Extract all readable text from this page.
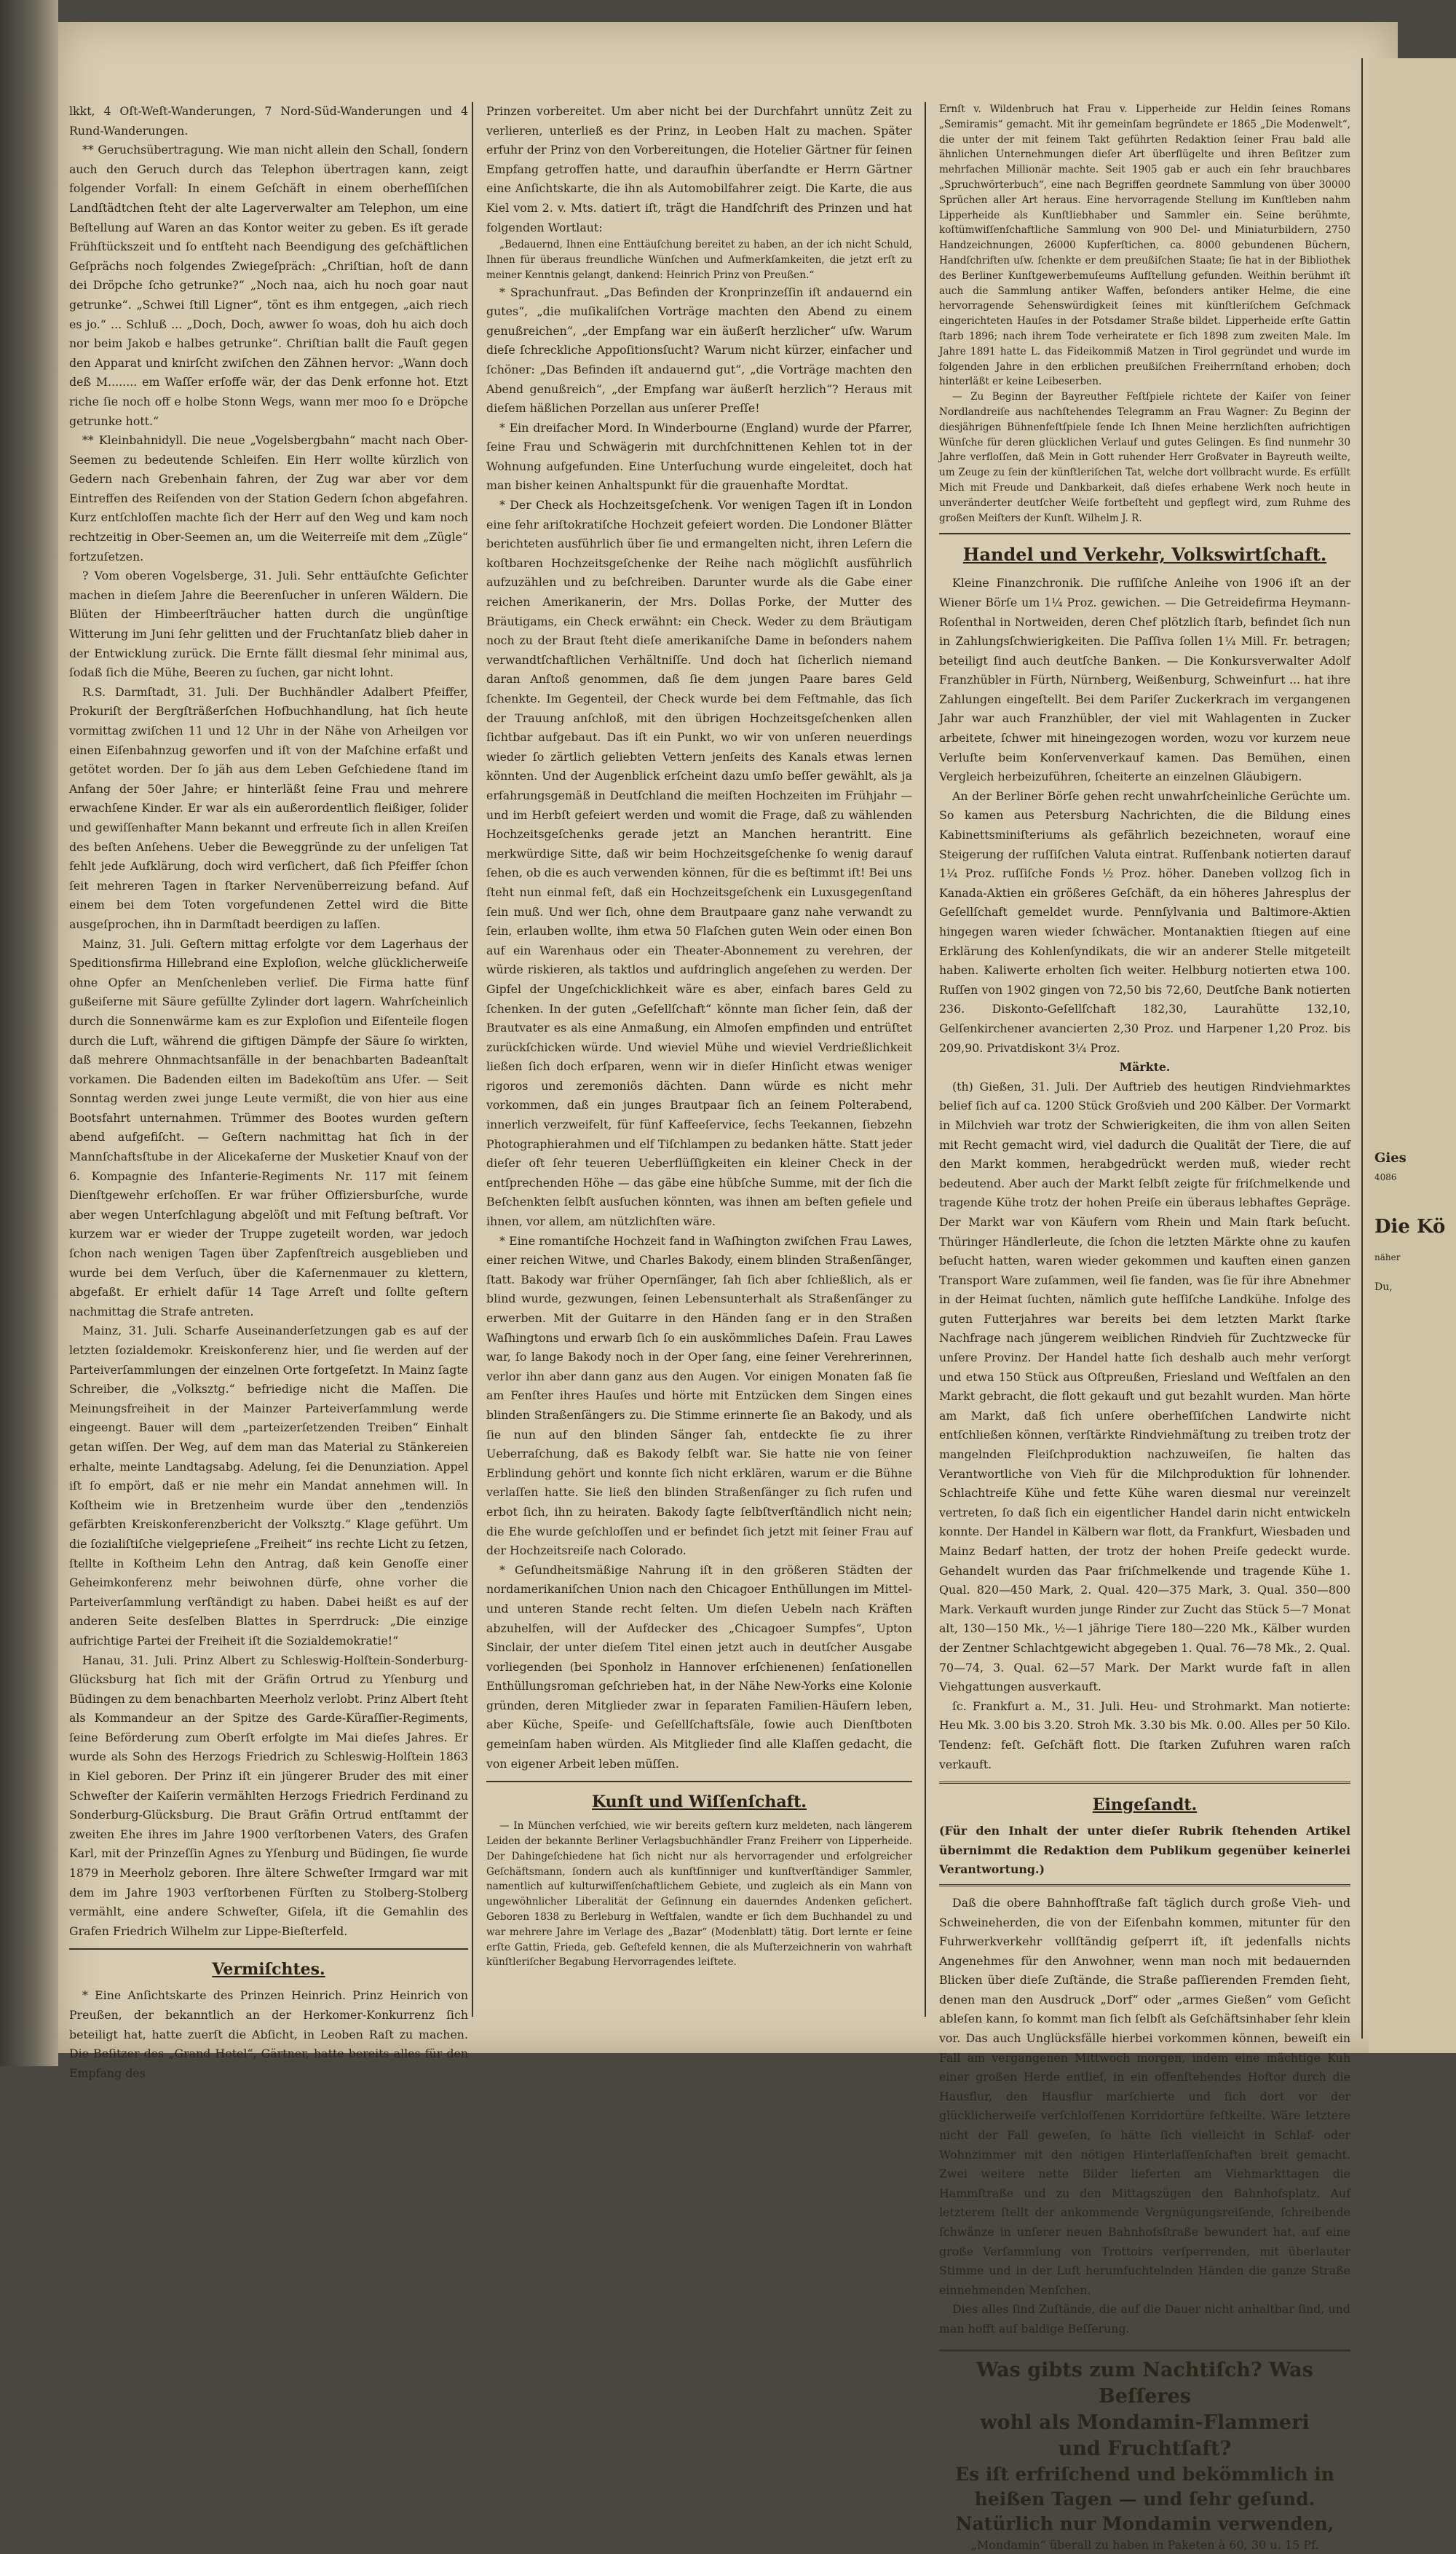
lkkt, 4 Oſt-Weſt-Wanderungen, 7 Nord-Süd-Wanderungen und 4 Rund-Wanderungen.

** Geruchsübertragung. Wie man nicht allein den Schall, ſondern auch den Geruch durch das Telephon übertragen kann, zeigt folgender Vorfall: In einem Geſchäft in einem oberheſſiſchen Landſtädtchen ſteht der alte Lagerverwalter am Telephon, um eine Beſtellung auf Waren an das Kontor weiter zu geben. Es iſt gerade Frühſtückszeit und ſo entſteht nach Beendigung des geſchäftlichen Geſprächs noch folgendes Zwiegeſpräch: „Chriſtian, hoſt de dann dei Dröpche ſcho getrunke?“ „Noch naa, aich hu noch goar naut getrunke“. „Schwei ſtill Ligner“, tönt es ihm entgegen, „aich riech es jo.“ ... Schluß ... „Doch, Doch, awwer ſo woas, doh hu aich doch nor beim Jakob e halbes getrunke“. Chriſtian ballt die Fauſt gegen den Apparat und knirſcht zwiſchen den Zähnen hervor: „Wann doch deß M........ em Waſſer erſoffe wär, der das Denk erfonne hot. Etzt riche ſie noch off e holbe Stonn Wegs, wann mer moo ſo e Dröpche getrunke hott.“

** Kleinbahnidyll. Die neue „Vogelsbergbahn“ macht nach Ober-Seemen zu bedeutende Schleifen. Ein Herr wollte kürzlich von Gedern nach Grebenhain fahren, der Zug war aber vor dem Eintreffen des Reiſenden von der Station Gedern ſchon abgefahren. Kurz entſchloſſen machte ſich der Herr auf den Weg und kam noch rechtzeitig in Ober-Seemen an, um die Weiterreiſe mit dem „Zügle“ fortzuſetzen.

? Vom oberen Vogelsberge, 31. Juli. Sehr enttäuſchte Geſichter machen in dieſem Jahre die Beerenſucher in unſeren Wäldern. Die Blüten der Himbeerſträucher hatten durch die ungünſtige Witterung im Juni ſehr gelitten und der Fruchtanſatz blieb daher in der Entwicklung zurück. Die Ernte fällt diesmal ſehr minimal aus, ſodaß ſich die Mühe, Beeren zu ſuchen, gar nicht lohnt.

R.S. Darmſtadt, 31. Juli. Der Buchhändler Adalbert Pfeiffer, Prokuriſt der Bergſträßerſchen Hofbuchhandlung, hat ſich heute vormittag zwiſchen 11 und 12 Uhr in der Nähe von Arheilgen vor einen Eiſenbahnzug geworfen und iſt von der Maſchine erfaßt und getötet worden. Der ſo jäh aus dem Leben Geſchiedene ſtand im Anfang der 50er Jahre; er hinterläßt ſeine Frau und mehrere erwachſene Kinder. Er war als ein außerordentlich fleißiger, ſolider und gewiſſenhafter Mann bekannt und erfreute ſich in allen Kreiſen des beſten Anſehens. Ueber die Beweggründe zu der unſeligen Tat fehlt jede Aufklärung, doch wird verſichert, daß ſich Pfeiffer ſchon ſeit mehreren Tagen in ſtarker Nervenüberreizung befand. Auf einem bei dem Toten vorgefundenen Zettel wird die Bitte ausgeſprochen, ihn in Darmſtadt beerdigen zu laſſen.

Mainz, 31. Juli. Geſtern mittag erfolgte vor dem Lagerhaus der Speditionsfirma Hillebrand eine Exploſion, welche glücklicherweiſe ohne Opfer an Menſchenleben verlief. Die Firma hatte fünf gußeiſerne mit Säure gefüllte Zylinder dort lagern. Wahrſcheinlich durch die Sonnenwärme kam es zur Exploſion und Eiſenteile flogen durch die Luft, während die giftigen Dämpfe der Säure ſo wirkten, daß mehrere Ohnmachtsanfälle in der benachbarten Badeanſtalt vorkamen. Die Badenden eilten im Badekoſtüm ans Ufer. — Seit Sonntag werden zwei junge Leute vermißt, die von hier aus eine Bootsfahrt unternahmen. Trümmer des Bootes wurden geſtern abend aufgefiſcht. — Geſtern nachmittag hat ſich in der Mannſchaftsſtube in der Alicekaſerne der Musketier Knauf von der 6. Kompagnie des Infanterie-Regiments Nr. 117 mit ſeinem Dienſtgewehr erſchoſſen. Er war früher Offiziersburſche, wurde aber wegen Unterſchlagung abgelöſt und mit Feſtung beſtraft. Vor kurzem war er wieder der Truppe zugeteilt worden, war jedoch ſchon nach wenigen Tagen über Zapfenſtreich ausgeblieben und wurde bei dem Verſuch, über die Kaſernenmauer zu klettern, abgefaßt. Er erhielt dafür 14 Tage Arreſt und ſollte geſtern nachmittag die Strafe antreten.

Mainz, 31. Juli. Scharfe Auseinanderſetzungen gab es auf der letzten ſozialdemokr. Kreiskonferenz hier, und ſie werden auf der Parteiverſammlungen der einzelnen Orte fortgeſetzt. In Mainz ſagte Schreiber, die „Volksztg.“ befriedige nicht die Maſſen. Die Meinungsfreiheit in der Mainzer Parteiverſammlung werde eingeengt. Bauer will dem „parteizerſetzenden Treiben“ Einhalt getan wiſſen. Der Weg, auf dem man das Material zu Stänkereien erhalte, meinte Landtagsabg. Adelung, ſei die Denunziation. Appel iſt ſo empört, daß er nie mehr ein Mandat annehmen will. In Koſtheim wie in Bretzenheim wurde über den „tendenziös gefärbten Kreiskonferenzbericht der Volksztg.“ Klage geführt. Um die ſozialiſtiſche vielgeprieſene „Freiheit“ ins rechte Licht zu ſetzen, ſtellte in Koſtheim Lehn den Antrag, daß kein Genoſſe einer Geheimkonferenz mehr beiwohnen dürfe, ohne vorher die Parteiverſammlung verſtändigt zu haben. Dabei heißt es auf der anderen Seite desſelben Blattes in Sperrdruck: „Die einzige aufrichtige Partei der Freiheit iſt die Sozialdemokratie!“

Hanau, 31. Juli. Prinz Albert zu Schleswig-Holſtein-Sonderburg-Glücksburg hat ſich mit der Gräfin Ortrud zu Yſenburg und Büdingen zu dem benachbarten Meerholz verlobt. Prinz Albert ſteht als Kommandeur an der Spitze des Garde-Küraſſier-Regiments, ſeine Beförderung zum Oberſt erfolgte im Mai dieſes Jahres. Er wurde als Sohn des Herzogs Friedrich zu Schleswig-Holſtein 1863 in Kiel geboren. Der Prinz iſt ein jüngerer Bruder des mit einer Schweſter der Kaiſerin vermählten Herzogs Friedrich Ferdinand zu Sonderburg-Glücksburg. Die Braut Gräfin Ortrud entſtammt der zweiten Ehe ihres im Jahre 1900 verſtorbenen Vaters, des Grafen Karl, mit der Prinzeſſin Agnes zu Yſenburg und Büdingen, ſie wurde 1879 in Meerholz geboren. Ihre ältere Schweſter Irmgard war mit dem im Jahre 1903 verſtorbenen Fürſten zu Stolberg-Stolberg vermählt, eine andere Schweſter, Giſela, iſt die Gemahlin des Grafen Friedrich Wilhelm zur Lippe-Bieſterfeld.

Vermiſchtes.

* Eine Anſichtskarte des Prinzen Heinrich. Prinz Heinrich von Preußen, der bekanntlich an der Herkomer-Konkurrenz ſich beteiligt hat, hatte zuerſt die Abſicht, in Leoben Raſt zu machen. Die Beſitzer des „Grand Hotel“, Gärtner, hatte bereits alles für den Empfang des

Prinzen vorbereitet. Um aber nicht bei der Durchfahrt unnütz Zeit zu verlieren, unterließ es der Prinz, in Leoben Halt zu machen. Später erfuhr der Prinz von den Vorbereitungen, die Hotelier Gärtner für ſeinen Empfang getroffen hatte, und daraufhin überſandte er Herrn Gärtner eine Anſichtskarte, die ihn als Automobilfahrer zeigt. Die Karte, die aus Kiel vom 2. v. Mts. datiert iſt, trägt die Handſchrift des Prinzen und hat folgenden Wortlaut:

„Bedauernd, Ihnen eine Enttäuſchung bereitet zu haben, an der ich nicht Schuld, Ihnen für überaus freundliche Wünſchen und Aufmerkſamkeiten, die jetzt erſt zu meiner Kenntnis gelangt, dankend: Heinrich Prinz von Preußen.“

* Sprachunfraut. „Das Befinden der Kronprinzeſſin iſt andauernd ein gutes“, „die muſikaliſchen Vorträge machten den Abend zu einem genußreichen“, „der Empfang war ein äußerſt herzlicher“ uſw. Warum dieſe ſchreckliche Appoſitionsſucht? Warum nicht kürzer, einfacher und ſchöner: „Das Befinden iſt andauernd gut“, „die Vorträge machten den Abend genußreich“, „der Empfang war äußerſt herzlich“? Heraus mit dieſem häßlichen Porzellan aus unſerer Preſſe!

* Ein dreifacher Mord. In Winderbourne (England) wurde der Pfarrer, ſeine Frau und Schwägerin mit durchſchnittenen Kehlen tot in der Wohnung aufgefunden. Eine Unterſuchung wurde eingeleitet, doch hat man bisher keinen Anhaltspunkt für die grauenhafte Mordtat.

* Der Check als Hochzeitsgeſchenk. Vor wenigen Tagen iſt in London eine ſehr ariſtokratiſche Hochzeit gefeiert worden. Die Londoner Blätter berichteten ausführlich über ſie und ermangelten nicht, ihren Leſern die koſtbaren Hochzeitsgeſchenke der Reihe nach möglichſt ausführlich aufzuzählen und zu beſchreiben. Darunter wurde als die Gabe einer reichen Amerikanerin, der Mrs. Dollas Porke, der Mutter des Bräutigams, ein Check erwähnt: ein Check. Weder zu dem Bräutigam noch zu der Braut ſteht dieſe amerikaniſche Dame in beſonders nahem verwandtſchaftlichen Verhältniſſe. Und doch hat ſicherlich niemand daran Anſtoß genommen, daß ſie dem jungen Paare bares Geld ſchenkte. Im Gegenteil, der Check wurde bei dem Feſtmahle, das ſich der Trauung anſchloß, mit den übrigen Hochzeitsgeſchenken allen ſichtbar aufgebaut. Das iſt ein Punkt, wo wir von unſeren neuerdings wieder ſo zärtlich geliebten Vettern jenſeits des Kanals etwas lernen könnten. Und der Augenblick erſcheint dazu umſo beſſer gewählt, als ja erfahrungsgemäß in Deutſchland die meiſten Hochzeiten im Frühjahr — und im Herbſt gefeiert werden und womit die Frage, daß zu wählenden Hochzeitsgeſchenks gerade jetzt an Manchen herantritt. Eine merkwürdige Sitte, daß wir beim Hochzeitsgeſchenke ſo wenig darauf ſehen, ob die es auch verwenden können, für die es beſtimmt iſt! Bei uns ſteht nun einmal feſt, daß ein Hochzeitsgeſchenk ein Luxusgegenſtand ſein muß. Und wer ſich, ohne dem Brautpaare ganz nahe verwandt zu ſein, erlauben wollte, ihm etwa 50 Flaſchen guten Wein oder einen Bon auf ein Warenhaus oder ein Theater-Abonnement zu verehren, der würde riskieren, als taktlos und aufdringlich angeſehen zu werden. Der Gipfel der Ungeſchicklichkeit wäre es aber, einfach bares Geld zu ſchenken. In der guten „Geſellſchaft“ könnte man ſicher ſein, daß der Brautvater es als eine Anmaßung, ein Almoſen empfinden und entrüſtet zurückſchicken würde. Und wieviel Mühe und wieviel Verdrießlichkeit ließen ſich doch erſparen, wenn wir in dieſer Hinſicht etwas weniger rigoros und zeremoniös dächten. Dann würde es nicht mehr vorkommen, daß ein junges Brautpaar ſich an ſeinem Polterabend, innerlich verzweifelt, für fünf Kaffeeſervice, ſechs Teekannen, ſiebzehn Photographierahmen und elf Tiſchlampen zu bedanken hätte. Statt jeder dieſer oft ſehr teueren Ueberflüſſigkeiten ein kleiner Check in der entſprechenden Höhe — das gäbe eine hübſche Summe, mit der ſich die Beſchenkten ſelbſt ausſuchen könnten, was ihnen am beſten gefiele und ihnen, vor allem, am nützlichſten wäre.

* Eine romantiſche Hochzeit fand in Waſhington zwiſchen Frau Lawes, einer reichen Witwe, und Charles Bakody, einem blinden Straßenſänger, ſtatt. Bakody war früher Opernſänger, ſah ſich aber ſchließlich, als er blind wurde, gezwungen, ſeinen Lebensunterhalt als Straßenſänger zu erwerben. Mit der Guitarre in den Händen ſang er in den Straßen Waſhingtons und erwarb ſich ſo ein auskömmliches Daſein. Frau Lawes war, ſo lange Bakody noch in der Oper ſang, eine ſeiner Verehrerinnen, verlor ihn aber dann ganz aus den Augen. Vor einigen Monaten ſaß ſie am Fenſter ihres Hauſes und hörte mit Entzücken dem Singen eines blinden Straßenſängers zu. Die Stimme erinnerte ſie an Bakody, und als ſie nun auf den blinden Sänger ſah, entdeckte ſie zu ihrer Ueberraſchung, daß es Bakody ſelbſt war. Sie hatte nie von ſeiner Erblindung gehört und konnte ſich nicht erklären, warum er die Bühne verlaſſen hatte. Sie ließ den blinden Straßenſänger zu ſich rufen und erbot ſich, ihn zu heiraten. Bakody ſagte ſelbſtverſtändlich nicht nein; die Ehe wurde geſchloſſen und er befindet ſich jetzt mit ſeiner Frau auf der Hochzeitsreiſe nach Colorado.

* Geſundheitsmäßige Nahrung iſt in den größeren Städten der nordamerikaniſchen Union nach den Chicagoer Enthüllungen im Mittel- und unteren Stande recht ſelten. Um dieſen Uebeln nach Kräften abzuhelfen, will der Aufdecker des „Chicagoer Sumpfes“, Upton Sinclair, der unter dieſem Titel einen jetzt auch in deutſcher Ausgabe vorliegenden (bei Sponholz in Hannover erſchienenen) ſenſationellen Enthüllungsroman geſchrieben hat, in der Nähe New-Yorks eine Kolonie gründen, deren Mitglieder zwar in ſeparaten Familien-Häuſern leben, aber Küche, Speiſe- und Geſellſchaftsſäle, ſowie auch Dienſtboten gemeinſam haben würden. Als Mitglieder ſind alle Klaſſen gedacht, die von eigener Arbeit leben müſſen.

Kunſt und Wiſſenſchaft.

— In München verſchied, wie wir bereits geſtern kurz meldeten, nach längerem Leiden der bekannte Berliner Verlagsbuchhändler Franz Freiherr von Lipperheide. Der Dahingeſchiedene hat ſich nicht nur als hervorragender und erfolgreicher Geſchäftsmann, ſondern auch als kunſtſinniger und kunſtverſtändiger Sammler, namentlich auf kulturwiſſenſchaftlichem Gebiete, und zugleich als ein Mann von ungewöhnlicher Liberalität der Geſinnung ein dauerndes Andenken geſichert. Geboren 1838 zu Berleburg in Weſtfalen, wandte er ſich dem Buchhandel zu und war mehrere Jahre im Verlage des „Bazar“ (Modenblatt) tätig. Dort lernte er ſeine erſte Gattin, Frieda, geb. Geſtefeld kennen, die als Muſterzeichnerin von wahrhaft künſtleriſcher Begabung Hervorragendes leiſtete.

Ernſt v. Wildenbruch hat Frau v. Lipperheide zur Heldin ſeines Romans „Semiramis“ gemacht. Mit ihr gemeinſam begründete er 1865 „Die Modenwelt“, die unter der mit feinem Takt geführten Redaktion ſeiner Frau bald alle ähnlichen Unternehmungen dieſer Art überflügelte und ihren Beſitzer zum mehrfachen Millionär machte. Seit 1905 gab er auch ein ſehr brauchbares „Spruchwörterbuch“, eine nach Begriffen geordnete Sammlung von über 30000 Sprüchen aller Art heraus. Eine hervorragende Stellung im Kunſtleben nahm Lipperheide als Kunſtliebhaber und Sammler ein. Seine berühmte, koſtümwiſſenſchaftliche Sammlung von 900 Del- und Miniaturbildern, 2750 Handzeichnungen, 26000 Kupferſtichen, ca. 8000 gebundenen Büchern, Handſchriften uſw. ſchenkte er dem preußiſchen Staate; ſie hat in der Bibliothek des Berliner Kunſtgewerbemuſeums Aufſtellung gefunden. Weithin berühmt iſt auch die Sammlung antiker Waffen, beſonders antiker Helme, die eine hervorragende Sehenswürdigkeit ſeines mit künſtleriſchem Geſchmack eingerichteten Hauſes in der Potsdamer Straße bildet. Lipperheide erſte Gattin ſtarb 1896; nach ihrem Tode verheiratete er ſich 1898 zum zweiten Male. Im Jahre 1891 hatte L. das Fideikommiß Matzen in Tirol gegründet und wurde im folgenden Jahre in den erblichen preußiſchen Freiherrnſtand erhoben; doch hinterläßt er keine Leibeserben.

— Zu Beginn der Bayreuther Feſtſpiele richtete der Kaiſer von ſeiner Nordlandreiſe aus nachſtehendes Telegramm an Frau Wagner: Zu Beginn der diesjährigen Bühnenfeſtſpiele ſende Ich Ihnen Meine herzlichſten aufrichtigen Wünſche für deren glücklichen Verlauf und gutes Gelingen. Es ſind nunmehr 30 Jahre verfloſſen, daß Mein in Gott ruhender Herr Großvater in Bayreuth weilte, um Zeuge zu ſein der künſtleriſchen Tat, welche dort vollbracht wurde. Es erfüllt Mich mit Freude und Dankbarkeit, daß dieſes erhabene Werk noch heute in unveränderter deutſcher Weiſe fortbeſteht und gepflegt wird, zum Ruhme des großen Meiſters der Kunſt. Wilhelm J. R.

Handel und Verkehr, Volkswirtſchaft.

Kleine Finanzchronik. Die ruſſiſche Anleihe von 1906 iſt an der Wiener Börſe um 1¼ Proz. gewichen. — Die Getreidefirma Heymann-Roſenthal in Nortweiden, deren Chef plötzlich ſtarb, befindet ſich nun in Zahlungsſchwierigkeiten. Die Paſſiva ſollen 1¼ Mill. Fr. betragen; beteiligt ſind auch deutſche Banken. — Die Konkursverwalter Adolf Franzhübler in Fürth, Nürnberg, Weißenburg, Schweinfurt ... hat ihre Zahlungen eingeſtellt. Bei dem Pariſer Zuckerkrach im vergangenen Jahr war auch Franzhübler, der viel mit Wahlagenten in Zucker arbeitete, ſchwer mit hineingezogen worden, wozu vor kurzem neue Verluſte beim Konſervenverkauf kamen. Das Bemühen, einen Vergleich herbeizuführen, ſcheiterte an einzelnen Gläubigern.

An der Berliner Börſe gehen recht unwahrſcheinliche Gerüchte um. So kamen aus Petersburg Nachrichten, die die Bildung eines Kabinettsminiſteriums als gefährlich bezeichneten, worauf eine Steigerung der ruſſiſchen Valuta eintrat. Ruſſenbank notierten darauf 1¼ Proz. ruſſiſche Fonds ½ Proz. höher. Daneben vollzog ſich in Kanada-Aktien ein größeres Geſchäft, da ein höheres Jahresplus der Geſellſchaft gemeldet wurde. Pennſylvania und Baltimore-Aktien hingegen waren wieder ſchwächer. Montanaktien ſtiegen auf eine Erklärung des Kohlenſyndikats, die wir an anderer Stelle mitgeteilt haben. Kaliwerte erholten ſich weiter. Helbburg notierten etwa 100. Ruſſen von 1902 gingen von 72,50 bis 72,60, Deutſche Bank notierten 236. Diskonto-Geſellſchaft 182,30, Laurahütte 132,10, Gelſenkirchener avancierten 2,30 Proz. und Harpener 1,20 Proz. bis 209,90. Privatdiskont 3¼ Proz.

Märkte.

(th) Gießen, 31. Juli. Der Auftrieb des heutigen Rindviehmarktes belief ſich auf ca. 1200 Stück Großvieh und 200 Kälber. Der Vormarkt in Milchvieh war trotz der Schwierigkeiten, die ihm von allen Seiten mit Recht gemacht wird, viel dadurch die Qualität der Tiere, die auf den Markt kommen, herabgedrückt werden muß, wieder recht bedeutend. Aber auch der Markt ſelbſt zeigte für friſchmelkende und tragende Kühe trotz der hohen Preiſe ein überaus lebhaftes Gepräge. Der Markt war von Käufern vom Rhein und Main ſtark beſucht. Thüringer Händlerleute, die ſchon die letzten Märkte ohne zu kaufen beſucht hatten, waren wieder gekommen und kauften einen ganzen Transport Ware zuſammen, weil ſie fanden, was ſie für ihre Abnehmer in der Heimat ſuchten, nämlich gute heſſiſche Landkühe. Infolge des guten Futterjahres war bereits bei dem letzten Markt ſtarke Nachfrage nach jüngerem weiblichen Rindvieh für Zuchtzwecke für unſere Provinz. Der Handel hatte ſich deshalb auch mehr verſorgt und etwa 150 Stück aus Oſtpreußen, Friesland und Weſtfalen an den Markt gebracht, die flott gekauft und gut bezahlt wurden. Man hörte am Markt, daß ſich unſere oberheſſiſchen Landwirte nicht entſchließen können, verſtärkte Rindviehmäſtung zu treiben trotz der mangelnden Fleiſchproduktion nachzuweiſen, ſie halten das Verantwortliche von Vieh für die Milchproduktion für lohnender. Schlachtreife Kühe und fette Kühe waren diesmal nur vereinzelt vertreten, ſo daß ſich ein eigentlicher Handel darin nicht entwickeln konnte. Der Handel in Kälbern war flott, da Frankfurt, Wiesbaden und Mainz Bedarf hatten, der trotz der hohen Preiſe gedeckt wurde. Gehandelt wurden das Paar friſchmelkende und tragende Kühe 1. Qual. 820—450 Mark, 2. Qual. 420—375 Mark, 3. Qual. 350—800 Mark. Verkauft wurden junge Rinder zur Zucht das Stück 5—7 Monat alt, 130—150 Mk., ½—1 jährige Tiere 180—220 Mk., Kälber wurden der Zentner Schlachtgewicht abgegeben 1. Qual. 76—78 Mk., 2. Qual. 70—74, 3. Qual. 62—57 Mark. Der Markt wurde faſt in allen Viehgattungen ausverkauft.

ſc. Frankfurt a. M., 31. Juli. Heu- und Strohmarkt. Man notierte: Heu Mk. 3.00 bis 3.20. Stroh Mk. 3.30 bis Mk. 0.00. Alles per 50 Kilo. Tendenz: feſt. Geſchäft flott. Die ſtarken Zufuhren waren raſch verkauft.

Eingeſandt.

(Für den Inhalt der unter dieſer Rubrik ſtehenden Artikel übernimmt die Redaktion dem Publikum gegenüber keinerlei Verantwortung.)

Daß die obere Bahnhofſtraße faſt täglich durch große Vieh- und Schweineherden, die von der Eiſenbahn kommen, mitunter für den Fuhrwerkverkehr vollſtändig geſperrt iſt, iſt jedenfalls nichts Angenehmes für den Anwohner, wenn man noch mit bedauernden Blicken über dieſe Zuſtände, die Straße paſſierenden Fremden ſieht, denen man den Ausdruck „Dorf“ oder „armes Gießen“ vom Geſicht ableſen kann, ſo kommt man ſich ſelbſt als Geſchäftsinhaber ſehr klein vor. Das auch Unglücksfälle hierbei vorkommen können, beweiſt ein Fall am vergangenen Mittwoch morgen, indem eine mächtige Kuh einer großen Herde entlief, in ein offenſtehendes Hoftor durch die Hausflur, den Hausflur marſchierte und ſich dort vor der glücklicherweiſe verſchloſſenen Korridortüre feſtkeilte. Wäre letztere nicht der Fall geweſen, ſo hätte ſich vielleicht in Schlaf- oder Wohnzimmer mit den nötigen Hinterlaſſenſchaften breit gemacht. Zwei weitere nette Bilder lieferten am Viehmarkttagen die Hammſtraße und zu den Mittagszügen den Bahnhofsplatz. Auf letzterem ſtellt der ankommende Vergnügungsreiſende, ſchreibende ſchwänze in unſerer neuen Bahnhofsſtraße bewundert hat, auf eine große Verſammlung von Trottoirs verſperrenden, mit überlauter Stimme und in der Luft herumfuchtelnden Händen die ganze Straße einnehmenden Menſchen.

Dies alles ſind Zuſtände, die auf die Dauer nicht anhaltbar ſind, und man hofft auf baldige Beſſerung.

Was gibts zum Nachtiſch? Was Beſſeres
wohl als Mondamin-Flammeri
und Fruchtſaft?
Es iſt erfriſchend und bekömmlich in
heißen Tagen — und ſehr geſund.
Natürlich nur Mondamin verwenden,
„Mondamin“ überall zu haben in Paketen à 60, 30 u. 15 Pf.
Gies
4086
Die Kö
näher
Du,
